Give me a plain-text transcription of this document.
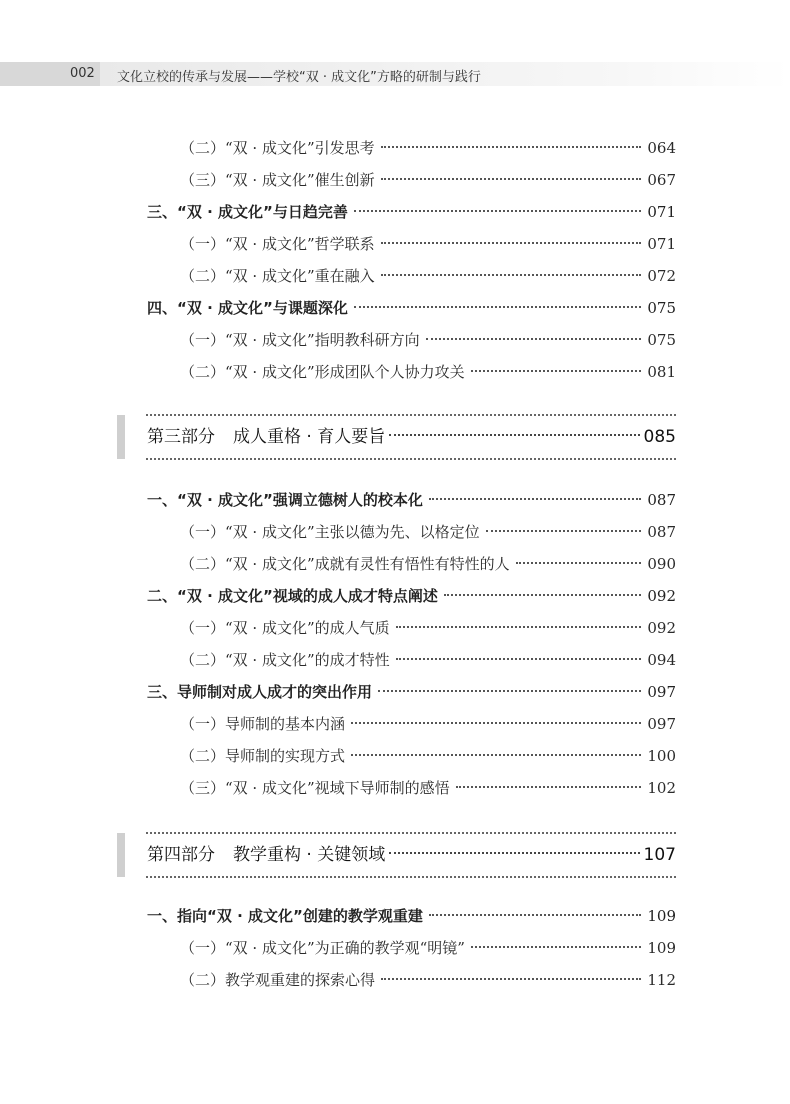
002 文化立校的传承与发展——学校“双 · 成文化”方略的研制与践行
（二）“双 · 成文化”引发思考	064
（三）“双 · 成文化”催生创新	067
三、“双 · 成文化”与日趋完善	071
（一）“双 · 成文化”哲学联系	071
（二）“双 · 成文化”重在融入	072
四、“双 · 成文化”与课题深化	075
（一）“双 · 成文化”指明教科研方向	075
（二）“双 · 成文化”形成团队个人协力攻关	081
第三部分 成人重格 · 育人要旨	085
一、“双 · 成文化”强调立德树人的校本化	087
（一）“双 · 成文化”主张以德为先、以格定位	087
（二）“双 · 成文化”成就有灵性有悟性有特性的人	090
二、“双 · 成文化”视域的成人成才特点阐述	092
（一）“双 · 成文化”的成人气质	092
（二）“双 · 成文化”的成才特性	094
三、导师制对成人成才的突出作用	097
（一）导师制的基本内涵	097
（二）导师制的实现方式	100
（三）“双 · 成文化”视域下导师制的感悟	102
第四部分 教学重构 · 关键领域	107
一、指向“双 · 成文化”创建的教学观重建	109
（一）“双 · 成文化”为正确的教学观“明镜”	109
（二）教学观重建的探索心得	112
